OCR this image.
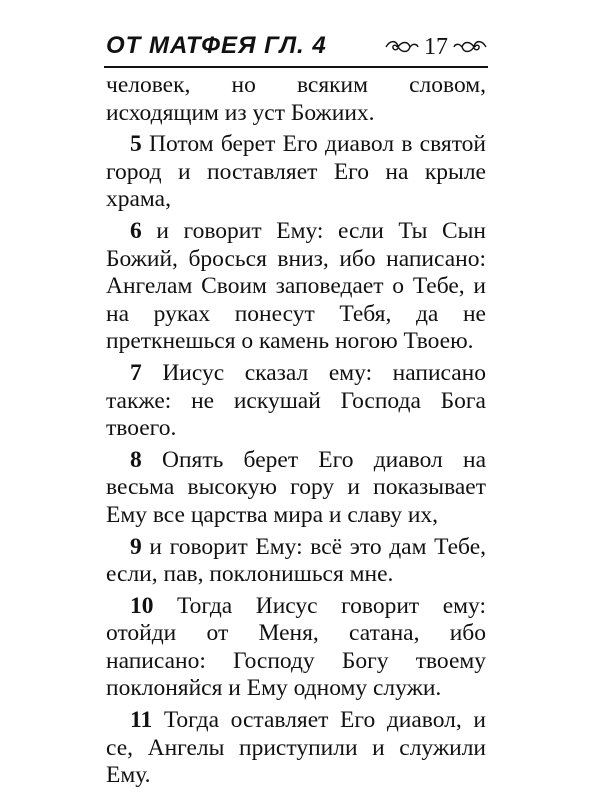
ОТ МАТФЕЯ ГЛ. 4	17

человек, но всяким словом, исходящим из уст Божиих.

5 Потом берет Его диавол в святой город и поставляет Его на крыле храма,

6 и говорит Ему: если Ты Сын Божий, бросься вниз, ибо написано: Ангелам Своим заповедает о Тебе, и на руках понесут Тебя, да не преткнешься о камень ногою Твоею.

7 Иисус сказал ему: написано также: не искушай Господа Бога твоего.

8 Опять берет Его диавол на весьма высокую гору и показывает Ему все царства мира и славу их,

9 и говорит Ему: всё это дам Тебе, если, пав, поклонишься мне.

10 Тогда Иисус говорит ему: отойди от Меня, сатана, ибо написано: Господу Богу твоему поклоняйся и Ему одному служи.

11 Тогда оставляет Его диавол, и се, Ангелы приступили и служили Ему.
